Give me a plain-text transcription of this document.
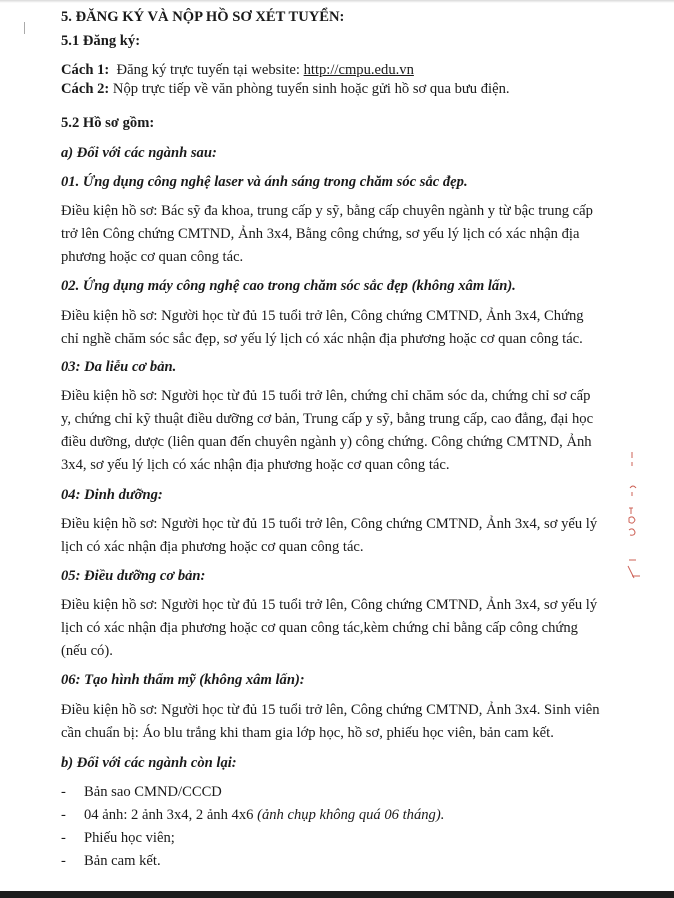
5. ĐĂNG KÝ VÀ NỘP HỒ SƠ XÉT TUYỂN:
5.1 Đăng ký:
Cách 1: Đăng ký trực tuyến tại website: http://cmpu.edu.vn
Cách 2: Nộp trực tiếp về văn phòng tuyển sinh hoặc gửi hồ sơ qua bưu điện.
5.2 Hồ sơ gồm:
a) Đối với các ngành sau:
01. Ứng dụng công nghệ laser và ánh sáng trong chăm sóc sắc đẹp.
Điều kiện hồ sơ: Bác sỹ đa khoa, trung cấp y sỹ, bằng cấp chuyên ngành y từ bậc trung cấp
trở lên Công chứng CMTND, Ảnh 3x4, Bằng công chứng, sơ yếu lý lịch có xác nhận địa
phương hoặc cơ quan công tác.
02. Ứng dụng máy công nghệ cao trong chăm sóc sắc đẹp (không xâm lấn).
Điều kiện hồ sơ: Người học từ đủ 15 tuổi trở lên, Công chứng CMTND, Ảnh 3x4, Chứng
chỉ nghề chăm sóc sắc đẹp, sơ yếu lý lịch có xác nhận địa phương hoặc cơ quan công tác.
03: Da liễu cơ bản.
Điều kiện hồ sơ: Người học từ đủ 15 tuổi trở lên, chứng chỉ chăm sóc da, chứng chỉ sơ cấp
y, chứng chỉ kỹ thuật điều dưỡng cơ bản, Trung cấp y sỹ, bằng trung cấp, cao đẳng, đại học
điều dưỡng, dược (liên quan đến chuyên ngành y) công chứng. Công chứng CMTND, Ảnh
3x4, sơ yếu lý lịch có xác nhận địa phương hoặc cơ quan công tác.
04: Dinh dưỡng:
Điều kiện hồ sơ: Người học từ đủ 15 tuổi trở lên, Công chứng CMTND, Ảnh 3x4, sơ yếu lý
lịch có xác nhận địa phương hoặc cơ quan công tác.
05: Điều dưỡng cơ bản:
Điều kiện hồ sơ: Người học từ đủ 15 tuổi trở lên, Công chứng CMTND, Ảnh 3x4, sơ yếu lý
lịch có xác nhận địa phương hoặc cơ quan công tác,kèm chứng chỉ bằng cấp công chứng
(nếu có).
06: Tạo hình thẩm mỹ (không xâm lấn):
Điều kiện hồ sơ: Người học từ đủ 15 tuổi trở lên, Công chứng CMTND, Ảnh 3x4. Sinh viên
cần chuẩn bị: Áo blu trắng khi tham gia lớp học, hồ sơ, phiếu học viên, bản cam kết.
b) Đối với các ngành còn lại:
- Bản sao CMND/CCCD
- 04 ảnh: 2 ảnh 3x4, 2 ảnh 4x6 (ảnh chụp không quá 06 tháng).
- Phiếu học viên;
- Bản cam kết.
